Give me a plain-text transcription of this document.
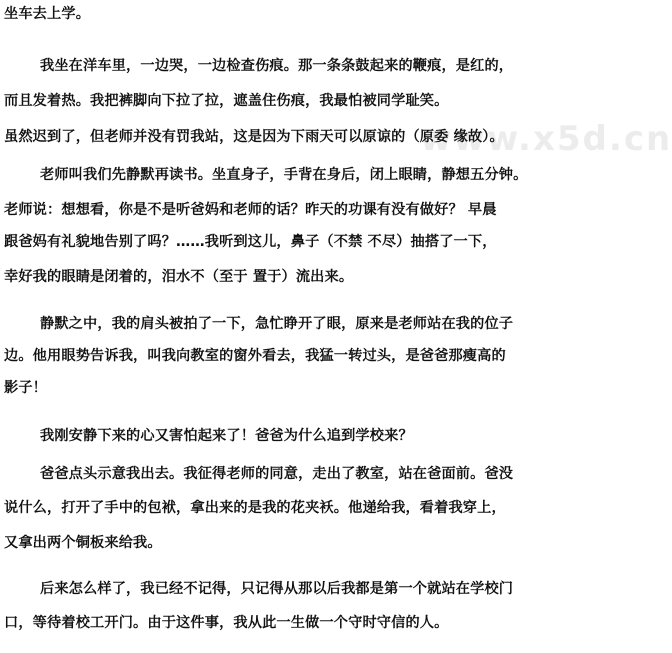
www.x5d.cn
坐车去上学。
我坐在洋车里，一边哭，一边检查伤痕。那一条条鼓起来的鞭痕，是红的，
而且发着热。我把裤脚向下拉了拉，遮盖住伤痕，我最怕被同学耻笑。
虽然迟到了，但老师并没有罚我站，这是因为下雨天可以原谅的（原委 缘故）。
老师叫我们先静默再读书。坐直身子，手背在身后，闭上眼睛，静想五分钟。
老师说：想想看，你是不是听爸妈和老师的话？昨天的功课有没有做好？ 早晨
跟爸妈有礼貌地告别了吗？……我听到这儿，鼻子（不禁 不尽）抽搭了一下，
幸好我的眼睛是闭着的，泪水不（至于 置于）流出来。
静默之中，我的肩头被拍了一下，急忙睁开了眼，原来是老师站在我的位子
边。他用眼势告诉我，叫我向教室的窗外看去，我猛一转过头，是爸爸那瘦高的
影子！
我刚安静下来的心又害怕起来了！爸爸为什么追到学校来？
爸爸点头示意我出去。我征得老师的同意，走出了教室，站在爸面前。爸没
说什么，打开了手中的包袱，拿出来的是我的花夹袄。他递给我，看着我穿上，
又拿出两个铜板来给我。
后来怎么样了，我已经不记得，只记得从那以后我都是第一个就站在学校门
口，等待着校工开门。由于这件事，我从此一生做一个守时守信的人。
